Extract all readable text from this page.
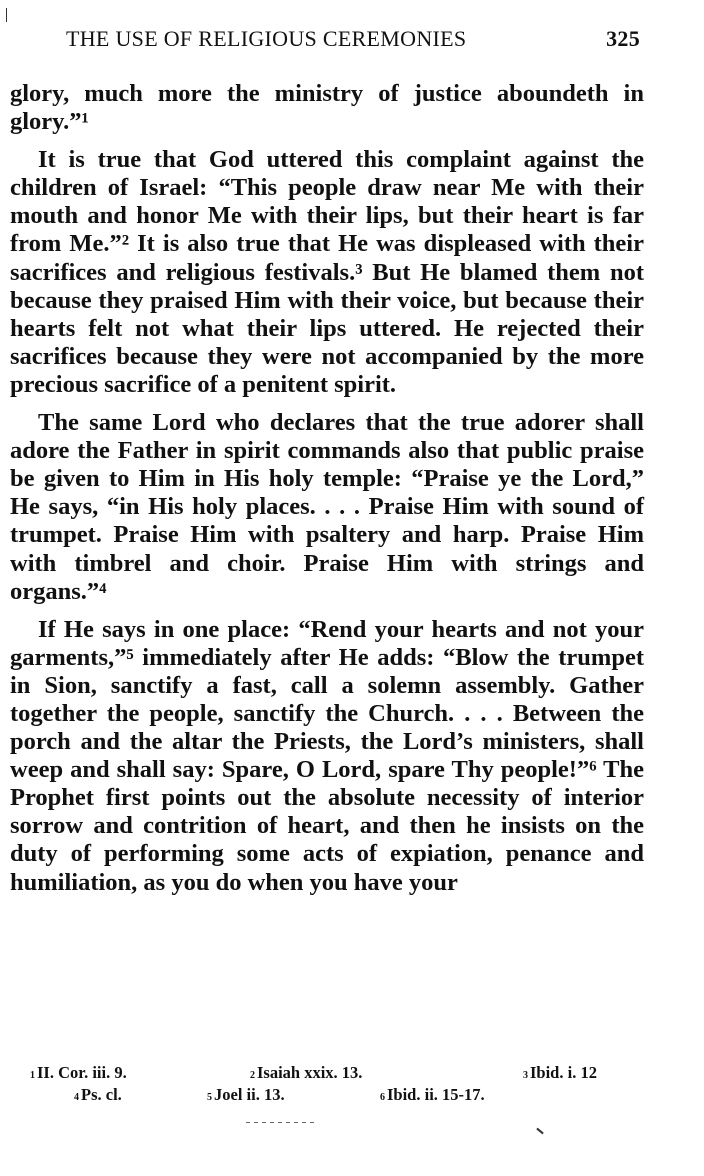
THE USE OF RELIGIOUS CEREMONIES	325

glory, much more the ministry of justice aboundeth in glory.”¹

It is true that God uttered this complaint against the children of Israel: “This people draw near Me with their mouth and honor Me with their lips, but their heart is far from Me.”² It is also true that He was displeased with their sacrifices and religious festivals.³ But He blamed them not because they praised Him with their voice, but because their hearts felt not what their lips uttered. He rejected their sacrifices because they were not accompanied by the more precious sacrifice of a penitent spirit.

The same Lord who declares that the true adorer shall adore the Father in spirit commands also that public praise be given to Him in His holy temple: “Praise ye the Lord,” He says, “in His holy places. . . . Praise Him with sound of trumpet. Praise Him with psaltery and harp. Praise Him with timbrel and choir. Praise Him with strings and organs.”⁴

If He says in one place: “Rend your hearts and not your garments,”⁵ immediately after He adds: “Blow the trumpet in Sion, sanctify a fast, call a solemn assembly. Gather together the people, sanctify the Church. . . . Between the porch and the altar the Priests, the Lord’s ministers, shall weep and shall say: Spare, O Lord, spare Thy people!”⁶ The Prophet first points out the absolute necessity of interior sorrow and contrition of heart, and then he insists on the duty of performing some acts of expiation, penance and humiliation, as you do when you have your

1 II. Cor. iii. 9.	2 Isaiah xxix. 13.	3 Ibid. i. 12
4 Ps. cl.	5 Joel ii. 13.	6 Ibid. ii. 15-17.
